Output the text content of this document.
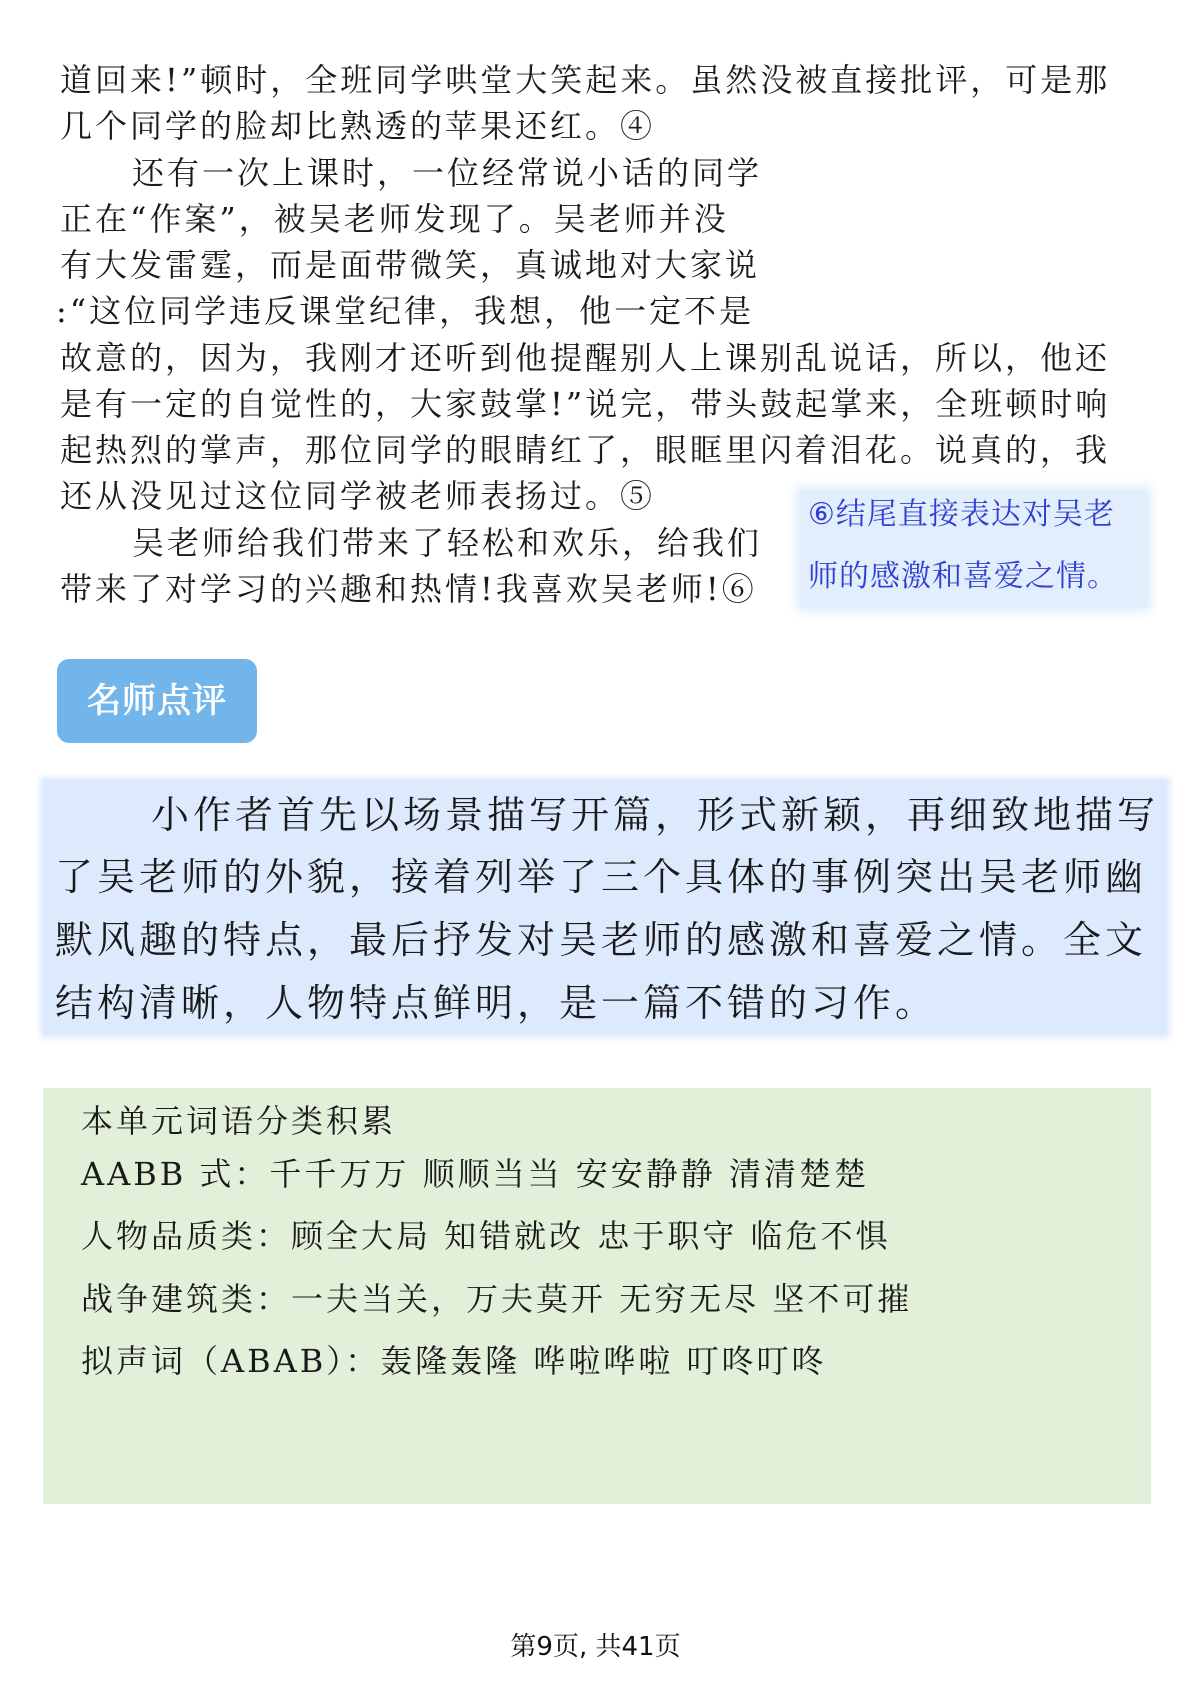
道回来!”顿时，全班同学哄堂大笑起来。虽然没被直接批评，可是那
几个同学的脸却比熟透的苹果还红。④
还有一次上课时，一位经常说小话的同学
正在“作案”，被吴老师发现了。吴老师并没
有大发雷霆，而是面带微笑，真诚地对大家说
:“这位同学违反课堂纪律，我想，他一定不是
故意的，因为，我刚才还听到他提醒别人上课别乱说话，所以，他还
是有一定的自觉性的，大家鼓掌!”说完，带头鼓起掌来，全班顿时响
起热烈的掌声，那位同学的眼睛红了，眼眶里闪着泪花。说真的，我
还从没见过这位同学被老师表扬过。⑤
吴老师给我们带来了轻松和欢乐，给我们
带来了对学习的兴趣和热情!我喜欢吴老师!⑥
⑥结尾直接表达对吴老
师的感激和喜爱之情。
名师点评
小作者首先以场景描写开篇，形式新颖，再细致地描写
了吴老师的外貌，接着列举了三个具体的事例突出吴老师幽
默风趣的特点，最后抒发对吴老师的感激和喜爱之情。全文
结构清晰，人物特点鲜明，是一篇不错的习作。
本单元词语分类积累
AABB 式：千千万万 顺顺当当 安安静静 清清楚楚
人物品质类：顾全大局 知错就改 忠于职守 临危不惧
战争建筑类：一夫当关，万夫莫开 无穷无尽 坚不可摧
拟声词（ABAB）：轰隆轰隆 哗啦哗啦 叮咚叮咚
第9页, 共41页
